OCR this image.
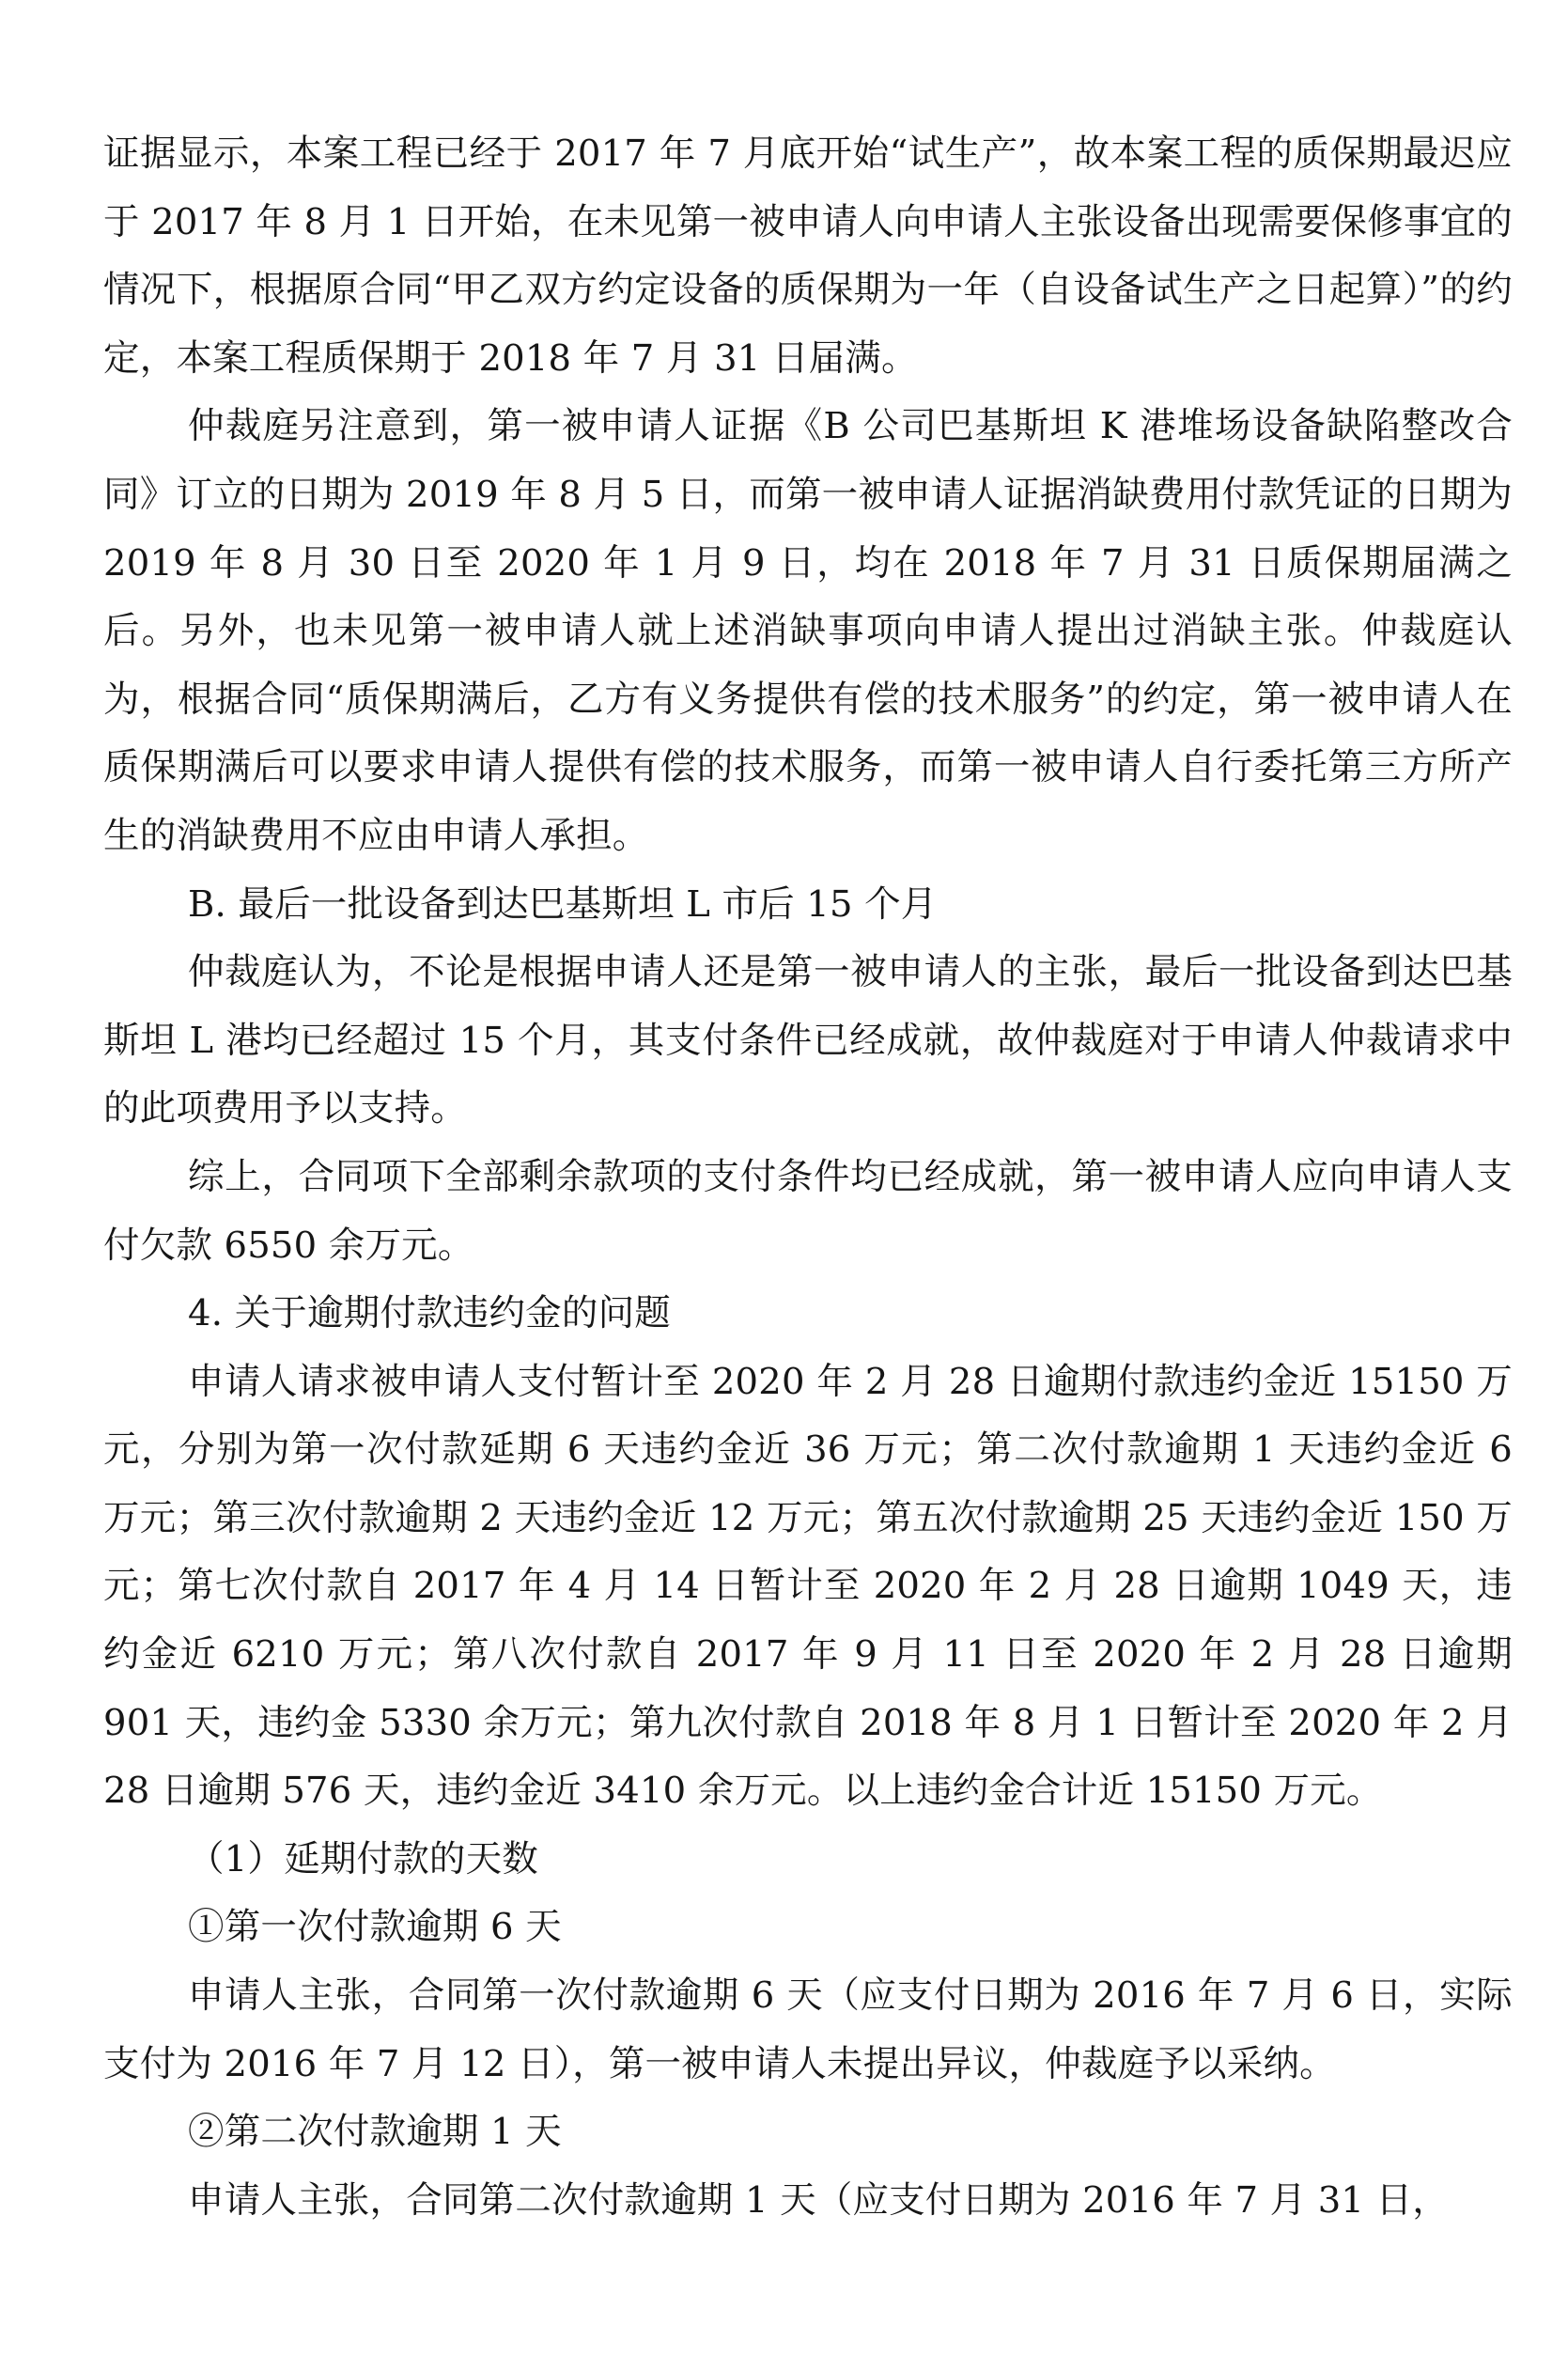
证据显示，本案工程已经于 2017 年 7 月底开始“试生产”，故本案工程的质保期最迟应于 2017 年 8 月 1 日开始，在未见第一被申请人向申请人主张设备出现需要保修事宜的情况下，根据原合同“甲乙双方约定设备的质保期为一年（自设备试生产之日起算）”的约定，本案工程质保期于 2018 年 7 月 31 日届满。

仲裁庭另注意到，第一被申请人证据《B 公司巴基斯坦 K 港堆场设备缺陷整改合同》订立的日期为 2019 年 8 月 5 日，而第一被申请人证据消缺费用付款凭证的日期为 2019 年 8 月 30 日至 2020 年 1 月 9 日，均在 2018 年 7 月 31 日质保期届满之后。另外，也未见第一被申请人就上述消缺事项向申请人提出过消缺主张。仲裁庭认为，根据合同“质保期满后，乙方有义务提供有偿的技术服务”的约定，第一被申请人在质保期满后可以要求申请人提供有偿的技术服务，而第一被申请人自行委托第三方所产生的消缺费用不应由申请人承担。

B. 最后一批设备到达巴基斯坦 L 市后 15 个月

仲裁庭认为，不论是根据申请人还是第一被申请人的主张，最后一批设备到达巴基斯坦 L 港均已经超过 15 个月，其支付条件已经成就，故仲裁庭对于申请人仲裁请求中的此项费用予以支持。

综上，合同项下全部剩余款项的支付条件均已经成就，第一被申请人应向申请人支付欠款 6550 余万元。

4. 关于逾期付款违约金的问题

申请人请求被申请人支付暂计至 2020 年 2 月 28 日逾期付款违约金近 15150 万元，分别为第一次付款延期 6 天违约金近 36 万元；第二次付款逾期 1 天违约金近 6 万元；第三次付款逾期 2 天违约金近 12 万元；第五次付款逾期 25 天违约金近 150 万元；第七次付款自 2017 年 4 月 14 日暂计至 2020 年 2 月 28 日逾期 1049 天，违约金近 6210 万元；第八次付款自 2017 年 9 月 11 日至 2020 年 2 月 28 日逾期 901 天，违约金 5330 余万元；第九次付款自 2018 年 8 月 1 日暂计至 2020 年 2 月 28 日逾期 576 天，违约金近 3410 余万元。以上违约金合计近 15150 万元。

（1）延期付款的天数

①第一次付款逾期 6 天

申请人主张，合同第一次付款逾期 6 天（应支付日期为 2016 年 7 月 6 日，实际支付为 2016 年 7 月 12 日），第一被申请人未提出异议，仲裁庭予以采纳。

②第二次付款逾期 1 天

申请人主张，合同第二次付款逾期 1 天（应支付日期为 2016 年 7 月 31 日，
